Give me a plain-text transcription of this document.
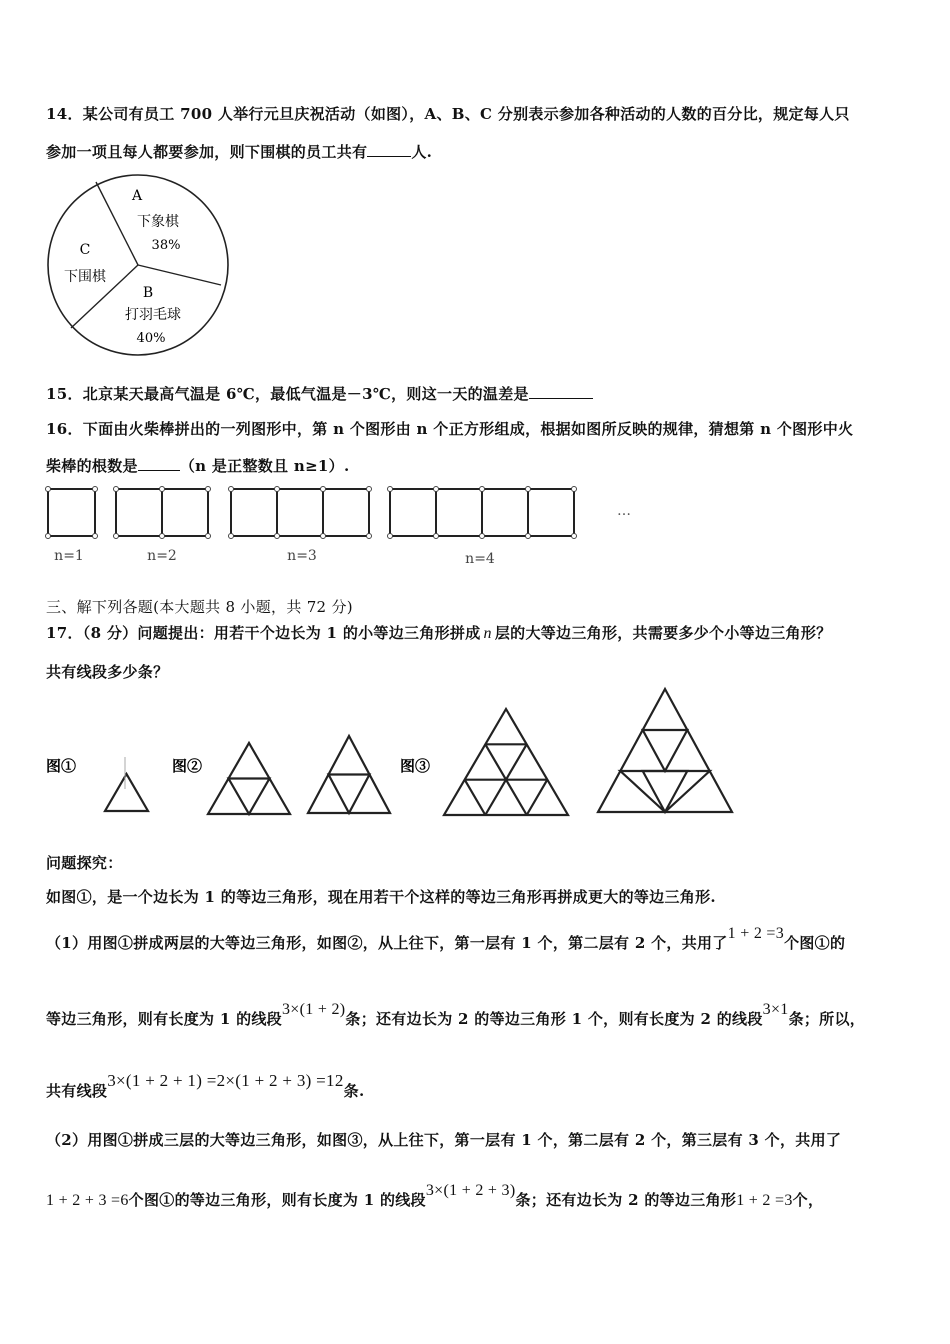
14．某公司有员工 700 人举行元旦庆祝活动（如图），A、B、C 分别表示参加各种活动的人数的百分比，规定每人只
参加一项且每人都要参加，则下围棋的员工共有	人.
A
下象棋
38%
C
下围棋
B
打羽毛球
40%
15．北京某天最高气温是 6℃，最低气温是－3℃，则这一天的温差是
16．下面由火柴棒拼出的一列图形中，第 n 个图形由 n 个正方形组成，根据如图所反映的规律，猜想第 n 个图形中火
柴棒的根数是	（n 是正整数且 n≥1）.
…
n=1	n=2	n=3	n=4
三、解下列各题(本大题共 8 小题，共 72 分)
17．（8 分）问题提出：用若干个边长为 1 的小等边三角形拼成 n 层的大等边三角形，共需要多少个小等边三角形？
共有线段多少条？
图①	图②	图③
问题探究：
如图①，是一个边长为 1 的等边三角形，现在用若干个这样的等边三角形再拼成更大的等边三角形.
（1）用图①拼成两层的大等边三角形，如图②，从上往下，第一层有 1 个，第二层有 2 个，共用了1 + 2 =3个图①的
等边三角形，则有长度为 1 的线段3×(1 + 2)条；还有边长为 2 的等边三角形 1 个，则有长度为 2 的线段3×1条；所以，
共有线段3×(1 + 2 + 1) =2×(1 + 2 + 3) =12条.
（2）用图①拼成三层的大等边三角形，如图③，从上往下，第一层有 1 个，第二层有 2 个，第三层有 3 个，共用了
1 + 2 + 3 =6个图①的等边三角形，则有长度为 1 的线段3×(1 + 2 + 3)条；还有边长为 2 的等边三角形1 + 2 =3个，
